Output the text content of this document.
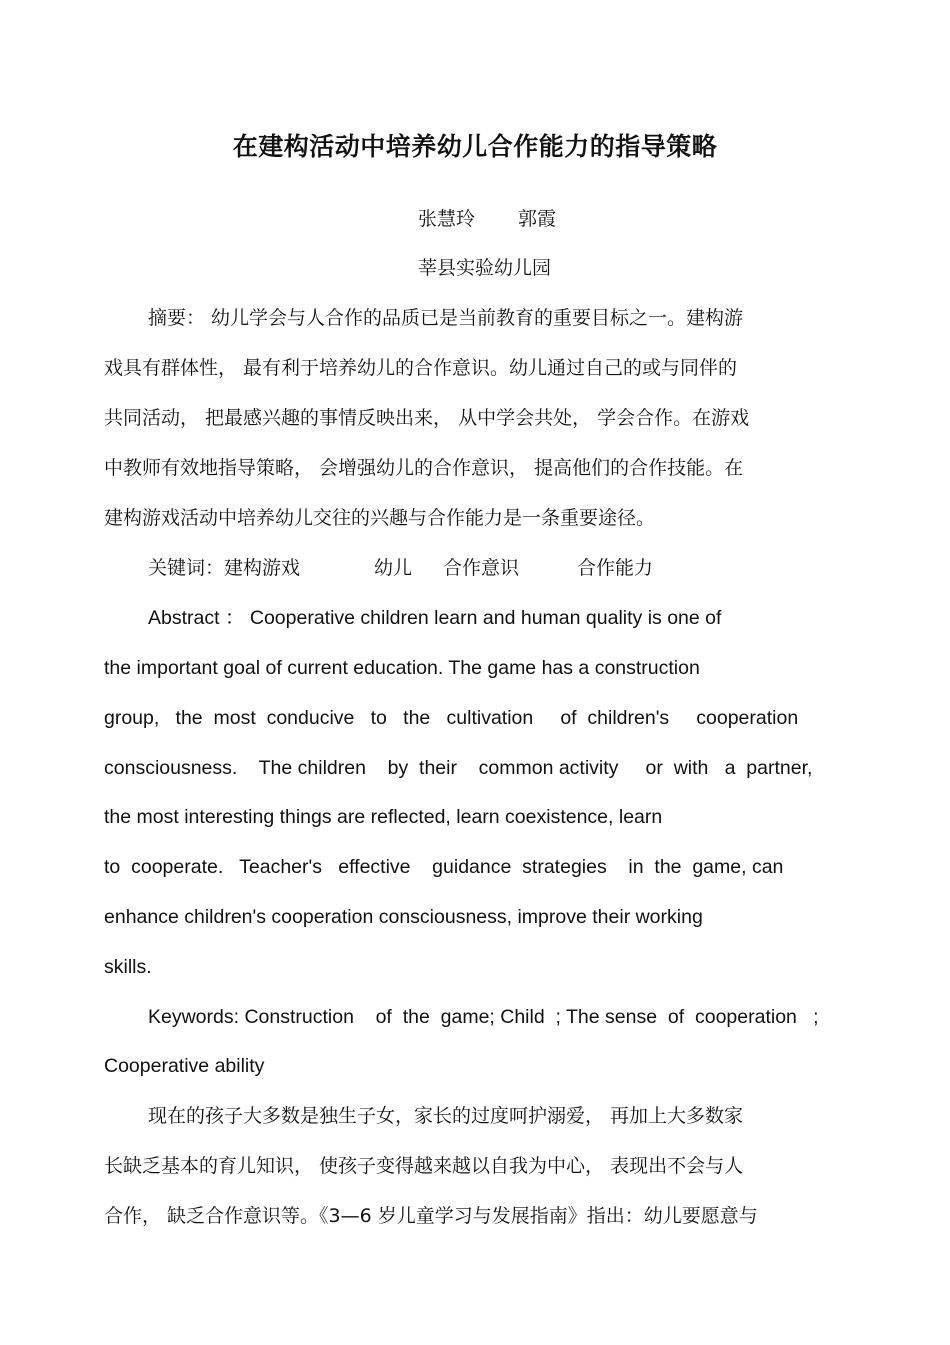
在建构活动中培养幼儿合作能力的指导策略
张慧玲 郭霞
莘县实验幼儿园

摘要： 幼儿学会与人合作的品质已是当前教育的重要目标之一。建构游

戏具有群体性， 最有利于培养幼儿的合作意识。幼儿通过自己的或与同伴的

共同活动， 把最感兴趣的事情反映出来， 从中学会共处， 学会合作。在游戏

中教师有效地指导策略， 会增强幼儿的合作意识， 提高他们的合作技能。在

建构游戏活动中培养幼儿交往的兴趣与合作能力是一条重要途径。

关键词：建构游戏	幼儿 合作意识	合作能力

Abstract ： Cooperative children learn and human quality is one of

the important goal of current education. The game has a construction

group,   the  most  conducive   to   the   cultivation     of  children's     cooperation

consciousness.    The children    by  their    common activity     or  with   a  partner,

the most interesting things are reflected, learn coexistence, learn

to  cooperate.   Teacher's   effective    guidance  strategies    in  the  game, can

enhance children's cooperation consciousness, improve their working

skills.

Keywords: Construction    of  the  game; Child  ; The sense  of  cooperation   ;

Cooperative ability

现在的孩子大多数是独生子女，家长的过度呵护溺爱， 再加上大多数家

长缺乏基本的育儿知识， 使孩子变得越来越以自我为中心， 表现出不会与人

合作， 缺乏合作意识等。《3—6 岁儿童学习与发展指南》指出：幼儿要愿意与
